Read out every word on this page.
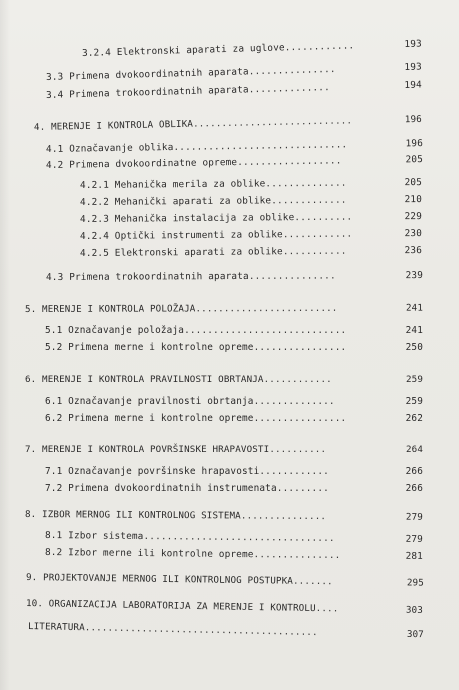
3.2.4 Elektronski aparati za uglove............	193
3.3 Primena dvokoordinatnih aparata...............	193
3.4 Primena trokoordinatnih aparata..............	194
4. MERENJE I KONTROLA OBLIKA............................	196
4.1 Označavanje oblika..............................	196
4.2 Primena dvokoordinatne opreme..................	205
4.2.1 Mehanička merila za oblike..............	205
4.2.2 Mehanički aparati za oblike.............	210
4.2.3 Mehanička instalacija za oblike..........	229
4.2.4 Optički instrumenti za oblike............	230
4.2.5 Elektronski aparati za oblike...........	236
4.3 Primena trokoordinatnih aparata...............	239
5. MERENJE I KONTROLA POLOŽAJA.........................	241
5.1 Označavanje položaja............................	241
5.2 Primena merne i kontrolne opreme................	250
6. MERENJE I KONTROLA PRAVILNOSTI OBRTANJA............	259
6.1 Označavanje pravilnosti obrtanja..............	259
6.2 Primena merne i kontrolne opreme................	262
7. MERENJE I KONTROLA POVRŠINSKE HRAPAVOSTI..........	264
7.1 Označavanje površinske hrapavosti............	266
7.2 Primena dvokoordinatnih instrumenata.........	266
8. IZBOR MERNOG ILI KONTROLNOG SISTEMA...............	279
8.1 Izbor sistema.................................	279
8.2 Izbor merne ili kontrolne opreme...............	281
9. PROJEKTOVANJE MERNOG ILI KONTROLNOG POSTUPKA.......	295
10. ORGANIZACIJA LABORATORIJA ZA MERENJE I KONTROLU....	303
LITERATURA.........................................	307
